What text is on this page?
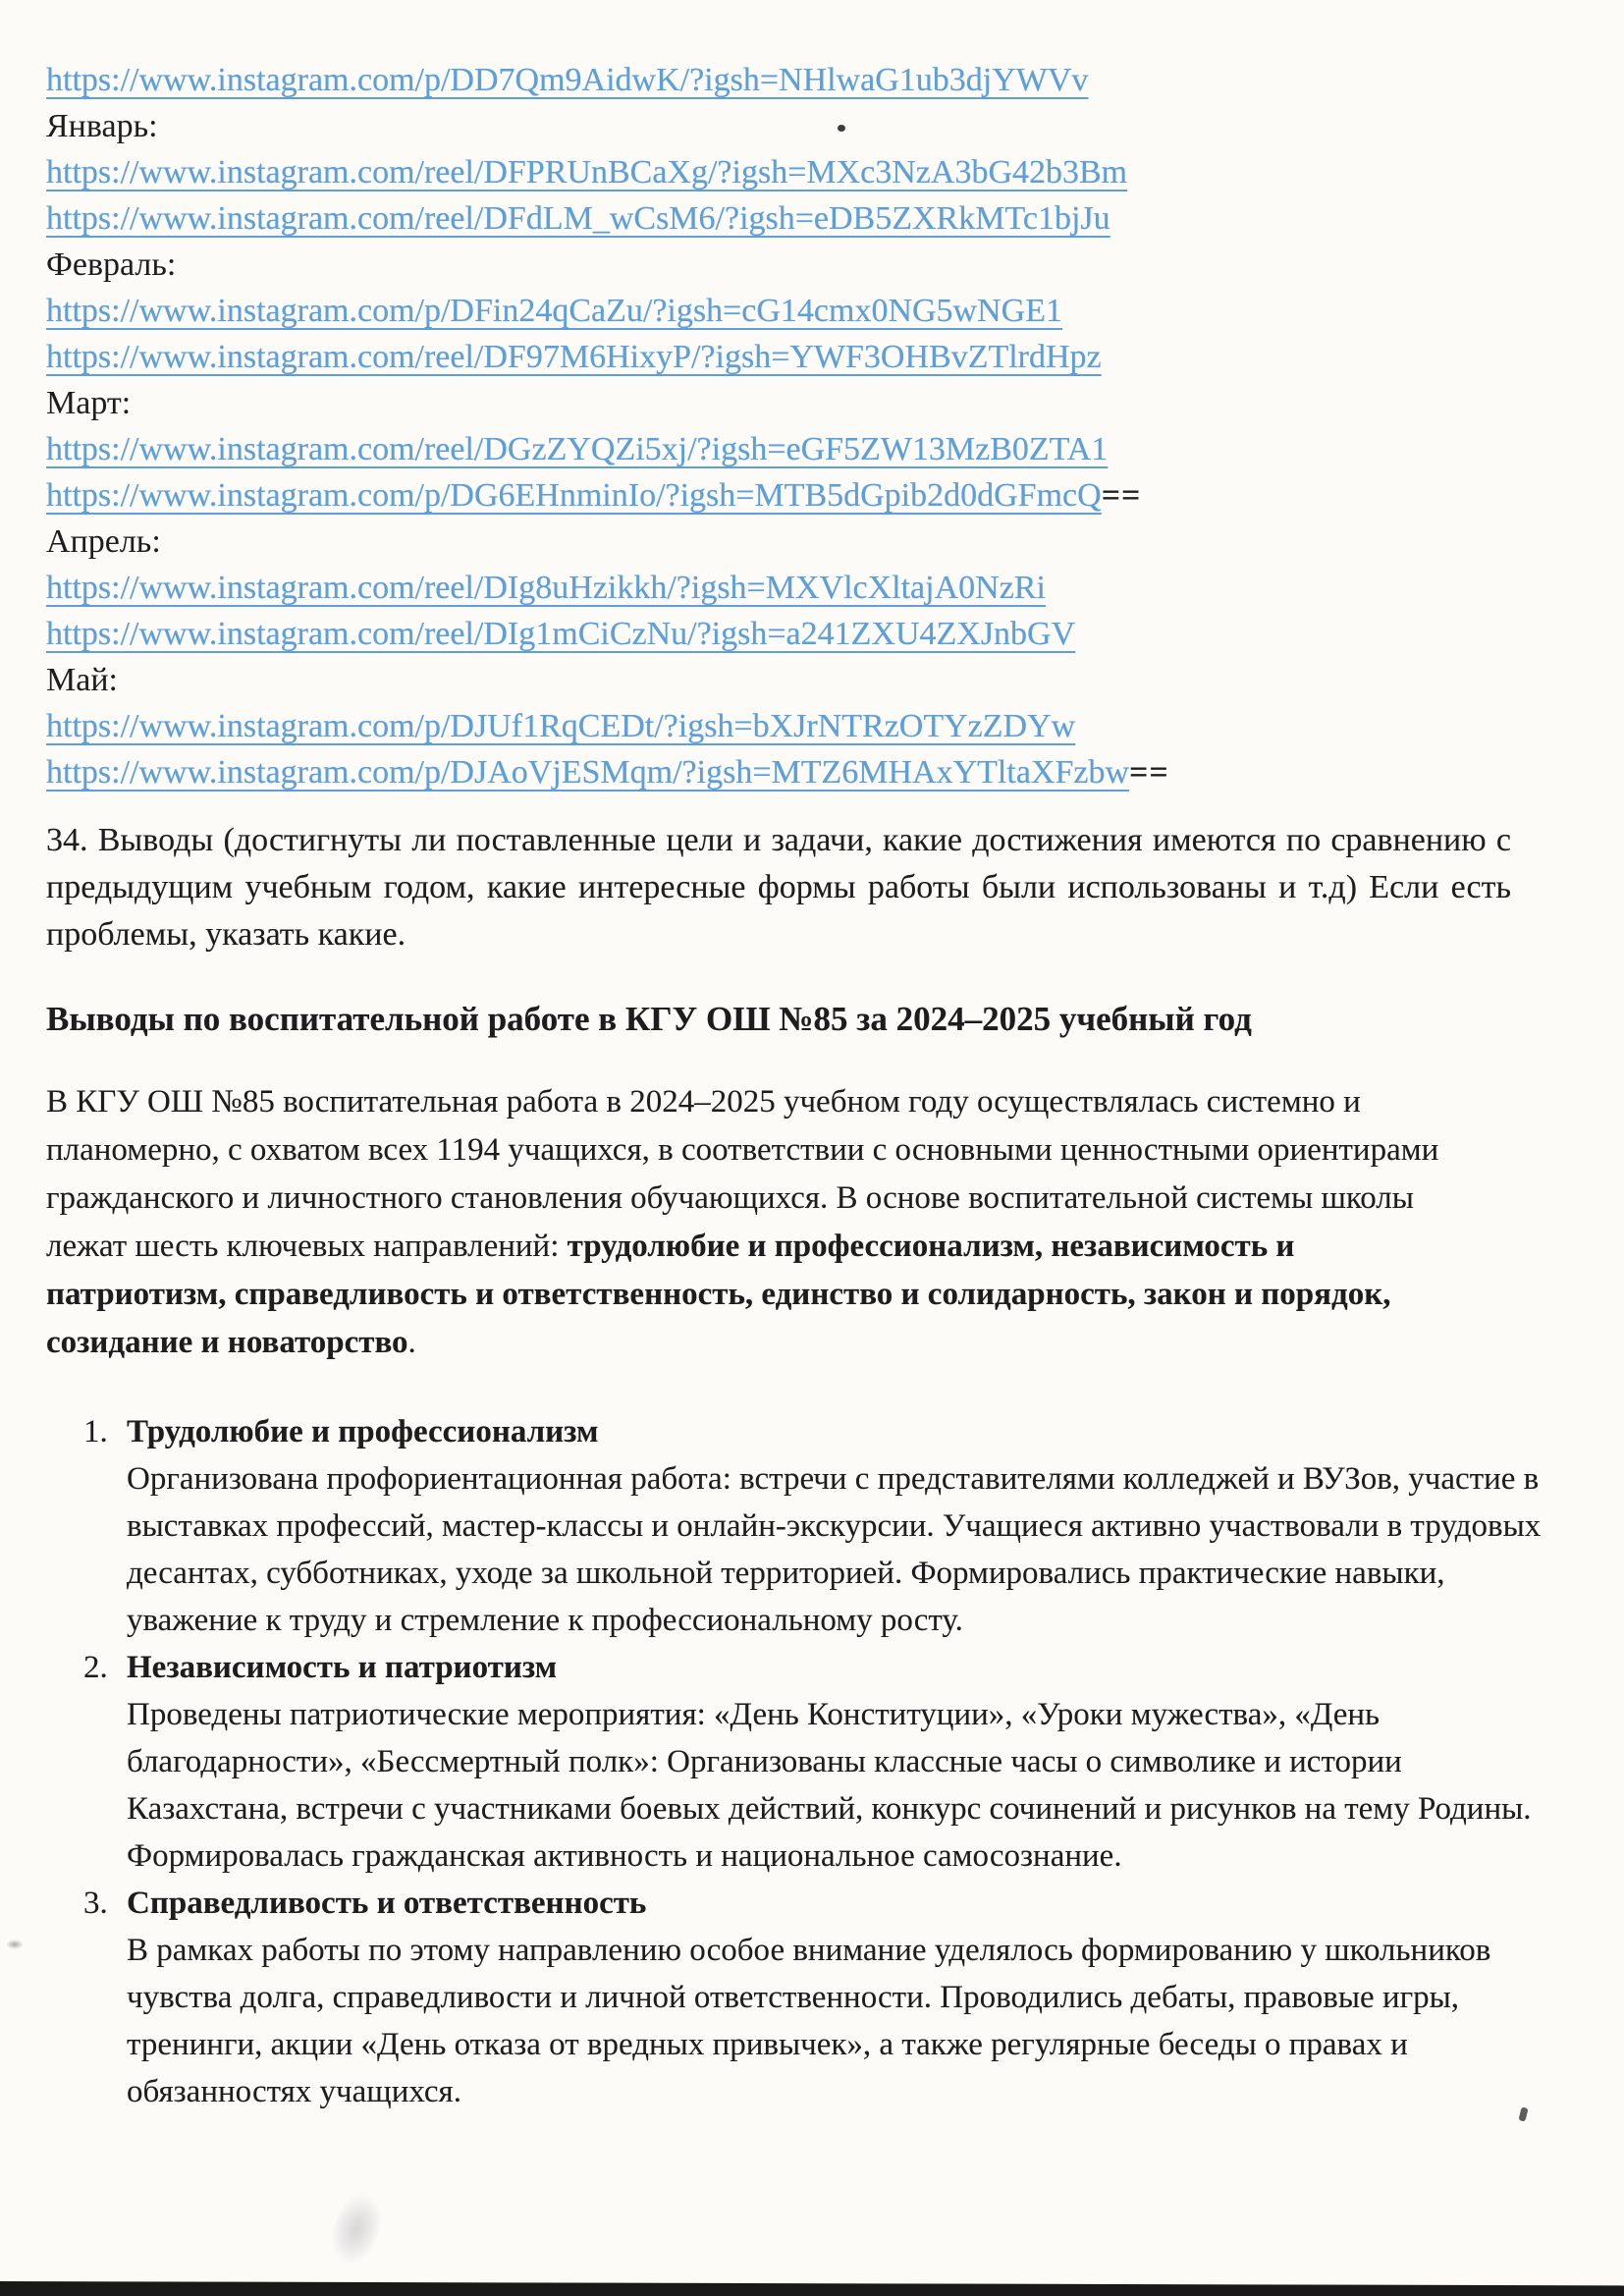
https://www.instagram.com/p/DD7Qm9AidwK/?igsh=NHlwaG1ub3djYWVv
Январь:
https://www.instagram.com/reel/DFPRUnBCaXg/?igsh=MXc3NzA3bG42b3Bm
https://www.instagram.com/reel/DFdLM_wCsM6/?igsh=eDB5ZXRkMTc1bjJu
Февраль:
https://www.instagram.com/p/DFin24qCaZu/?igsh=cG14cmx0NG5wNGE1
https://www.instagram.com/reel/DF97M6HixyP/?igsh=YWF3OHBvZTlrdHpz
Март:
https://www.instagram.com/reel/DGzZYQZi5xj/?igsh=eGF5ZW13MzB0ZTA1
https://www.instagram.com/p/DG6EHnminIo/?igsh=MTB5dGpib2d0dGFmcQ==
Апрель:
https://www.instagram.com/reel/DIg8uHzikkh/?igsh=MXVlcXltajA0NzRi
https://www.instagram.com/reel/DIg1mCiCzNu/?igsh=a241ZXU4ZXJnbGV
Май:
https://www.instagram.com/p/DJUf1RqCEDt/?igsh=bXJrNTRzOTYzZDYw
https://www.instagram.com/p/DJAoVjESMqm/?igsh=MTZ6MHAxYTltaXFzbw==
34. Выводы (достигнуты ли поставленные цели и задачи, какие достижения имеются по сравнению с предыдущим учебным годом, какие интересные формы работы были использованы и т.д) Если есть проблемы, указать какие.
Выводы по воспитательной работе в КГУ ОШ №85 за 2024–2025 учебный год
В КГУ ОШ №85 воспитательная работа в 2024–2025 учебном году осуществлялась системно и планомерно, с охватом всех 1194 учащихся, в соответствии с основными ценностными ориентирами гражданского и личностного становления обучающихся. В основе воспитательной системы школы лежат шесть ключевых направлений: трудолюбие и профессионализм, независимость и патриотизм, справедливость и ответственность, единство и солидарность, закон и порядок, созидание и новаторство.
1. Трудолюбие и профессионализм
Организована профориентационная работа: встречи с представителями колледжей и ВУЗов, участие в выставках профессий, мастер-классы и онлайн-экскурсии. Учащиеся активно участвовали в трудовых десантах, субботниках, уходе за школьной территорией. Формировались практические навыки, уважение к труду и стремление к профессиональному росту.
2. Независимость и патриотизм
Проведены патриотические мероприятия: «День Конституции», «Уроки мужества», «День благодарности», «Бессмертный полк»: Организованы классные часы о символике и истории Казахстана, встречи с участниками боевых действий, конкурс сочинений и рисунков на тему Родины. Формировалась гражданская активность и национальное самосознание.
3. Справедливость и ответственность
В рамках работы по этому направлению особое внимание уделялось формированию у школьников чувства долга, справедливости и личной ответственности. Проводились дебаты, правовые игры, тренинги, акции «День отказа от вредных привычек», а также регулярные беседы о правах и обязанностях учащихся.
